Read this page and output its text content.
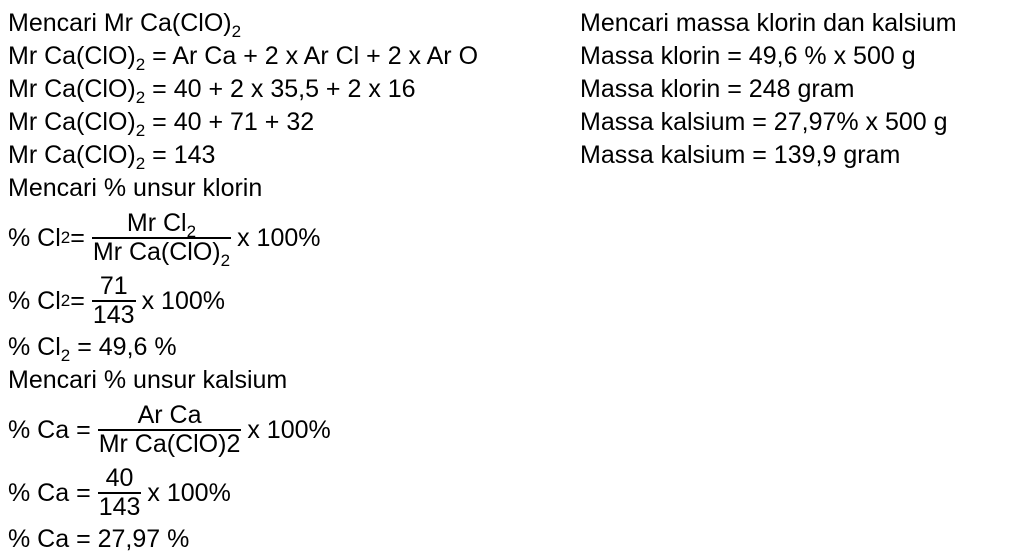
Mencari Mr $Ca(ClO)_2$
Mr $Ca(ClO)_2 = Ar$ Ca + 2 x Ar Cl + 2 x Ar O
Mr $Ca(ClO)_2 = 40 + 2$ x 35,5 + 2 x 16
Mr $Ca(ClO)_2 = 40 + 71 + 32$
Mr $Ca(ClO)_2 = 143$
Mencari % unsur klorin
% Cl $2 = \frac{Mr Cl_2}{Mr Ca(ClO)_2}$ x 100%
% Cl $2 = \frac{71}{143}$ x 100%
% $Cl_2 = 49,6$ %
Mencari % unsur kalsium
% $Ca = \frac{\text{Ar Ca}}{\text{Mr Ca(ClO)2}}$ x 100%
% $Ca = \frac{40}{143}$ x 100%
% Ca = 27,97 %
Mencari massa klorin dan kalsium
Massa klorin = 49,6 % x 500 g
Massa klorin = 248 gram
Massa kalsium = 27,97% x 500 g
Massa kalsium = 139,9 gram
